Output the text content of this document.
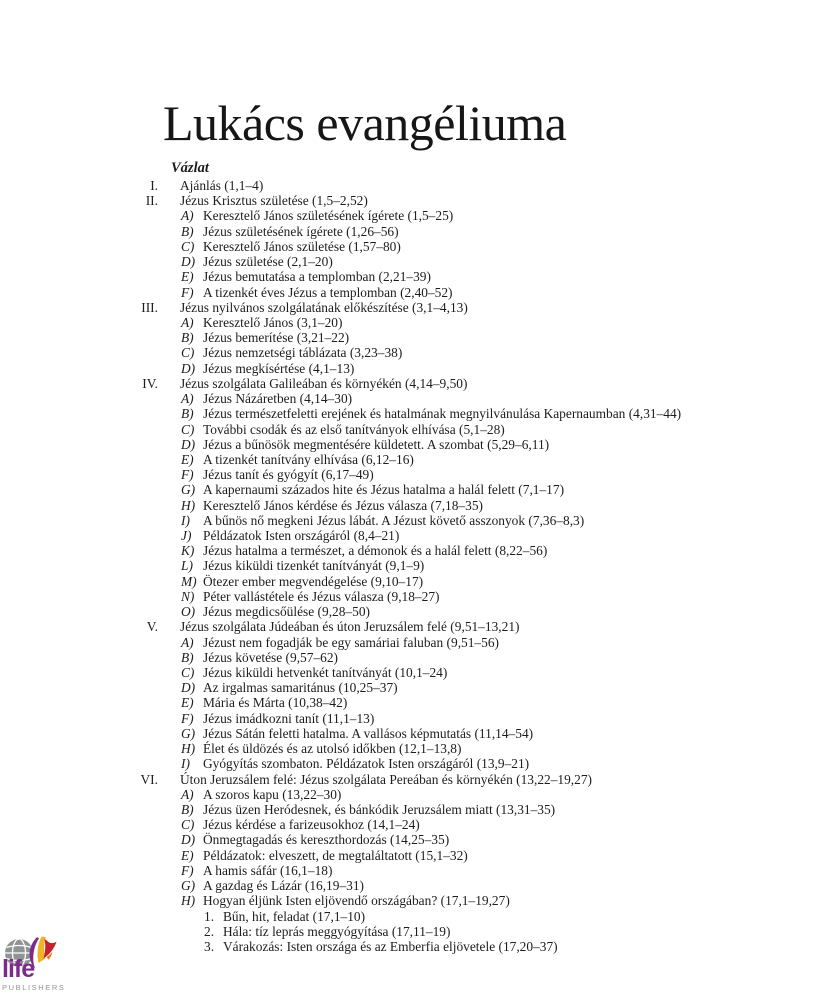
Lukács evangéliuma
Vázlat
I. Ajánlás (1,1–4)
II. Jézus Krisztus születése (1,5–2,52)
A) Keresztelő János születésének ígérete (1,5–25)
B) Jézus születésének ígérete (1,26–56)
C) Keresztelő János születése (1,57–80)
D) Jézus születése (2,1–20)
E) Jézus bemutatása a templomban (2,21–39)
F) A tizenkét éves Jézus a templomban (2,40–52)
III. Jézus nyilvános szolgálatának előkészítése (3,1–4,13)
A) Keresztelő János (3,1–20)
B) Jézus bemerítése (3,21–22)
C) Jézus nemzetségi táblázata (3,23–38)
D) Jézus megkísértése (4,1–13)
IV. Jézus szolgálata Galileában és környékén (4,14–9,50)
A) Jézus Názáretben (4,14–30)
B) Jézus természetfeletti erejének és hatalmának megnyilvánulása Kapernaumban (4,31–44)
C) További csodák és az első tanítványok elhívása (5,1–28)
D) Jézus a bűnösök megmentésére küldetett. A szombat (5,29–6,11)
E) A tizenkét tanítvány elhívása (6,12–16)
F) Jézus tanít és gyógyít (6,17–49)
G) A kapernaumi százados hite és Jézus hatalma a halál felett (7,1–17)
H) Keresztelő János kérdése és Jézus válasza (7,18–35)
I) A bűnös nő megkeni Jézus lábát. A Jézust követő asszonyok (7,36–8,3)
J) Példázatok Isten országáról (8,4–21)
K) Jézus hatalma a természet, a démonok és a halál felett (8,22–56)
L) Jézus kiküldi tizenkét tanítványát (9,1–9)
M) Ötezer ember megvendégelése (9,10–17)
N) Péter vallástétele és Jézus válasza (9,18–27)
O) Jézus megdicsőülése (9,28–50)
V. Jézus szolgálata Júdeában és úton Jeruzsálem felé (9,51–13,21)
A) Jézust nem fogadják be egy samáriai faluban (9,51–56)
B) Jézus követése (9,57–62)
C) Jézus kiküldi hetvenkét tanítványát (10,1–24)
D) Az irgalmas samaritánus (10,25–37)
E) Mária és Márta (10,38–42)
F) Jézus imádkozni tanít (11,1–13)
G) Jézus Sátán feletti hatalma. A vallásos képmutatás (11,14–54)
H) Élet és üldözés és az utolsó időkben (12,1–13,8)
I) Gyógyítás szombaton. Példázatok Isten országáról (13,9–21)
VI. Úton Jeruzsálem felé: Jézus szolgálata Pereában és környékén (13,22–19,27)
A) A szoros kapu (13,22–30)
B) Jézus üzen Heródesnek, és bánkódik Jeruzsálem miatt (13,31–35)
C) Jézus kérdése a farizeusokhoz (14,1–24)
D) Önmegtagadás és kereszthordozás (14,25–35)
E) Példázatok: elveszett, de megtaláltatott (15,1–32)
F) A hamis sáfár (16,1–18)
G) A gazdag és Lázár (16,19–31)
H) Hogyan éljünk Isten eljövendő országában? (17,1–19,27)
1. Bűn, hit, feladat (17,1–10)
2. Hála: tíz leprás meggyógyítása (17,11–19)
3. Várakozás: Isten országa és az Emberfia eljövetele (17,20–37)
life
PUBLISHERS
